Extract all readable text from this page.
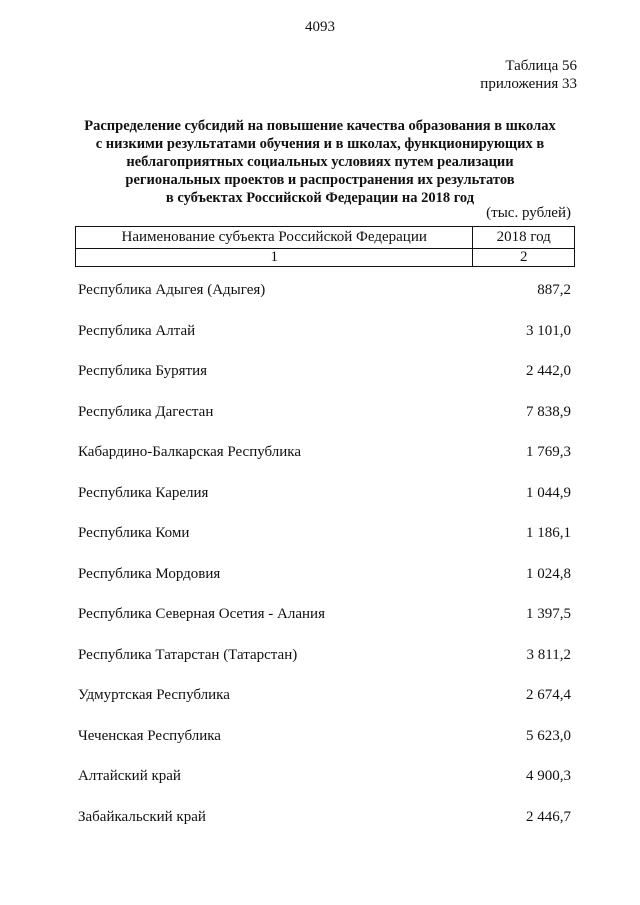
4093
Таблица 56
приложения 33
Распределение субсидий на повышение качества образования в школах
с низкими результатами обучения и в школах, функционирующих в
неблагоприятных социальных условиях путем реализации
региональных проектов и распространения их результатов
в субъектах Российской Федерации на 2018 год
(тыс. рублей)
Наименование субъекта Российской Федерации	2018 год
1	2
Республика Адыгея (Адыгея)	887,2
Республика Алтай	3 101,0
Республика Бурятия	2 442,0
Республика Дагестан	7 838,9
Кабардино-Балкарская Республика	1 769,3
Республика Карелия	1 044,9
Республика Коми	1 186,1
Республика Мордовия	1 024,8
Республика Северная Осетия - Алания	1 397,5
Республика Татарстан (Татарстан)	3 811,2
Удмуртская Республика	2 674,4
Чеченская Республика	5 623,0
Алтайский край	4 900,3
Забайкальский край	2 446,7
